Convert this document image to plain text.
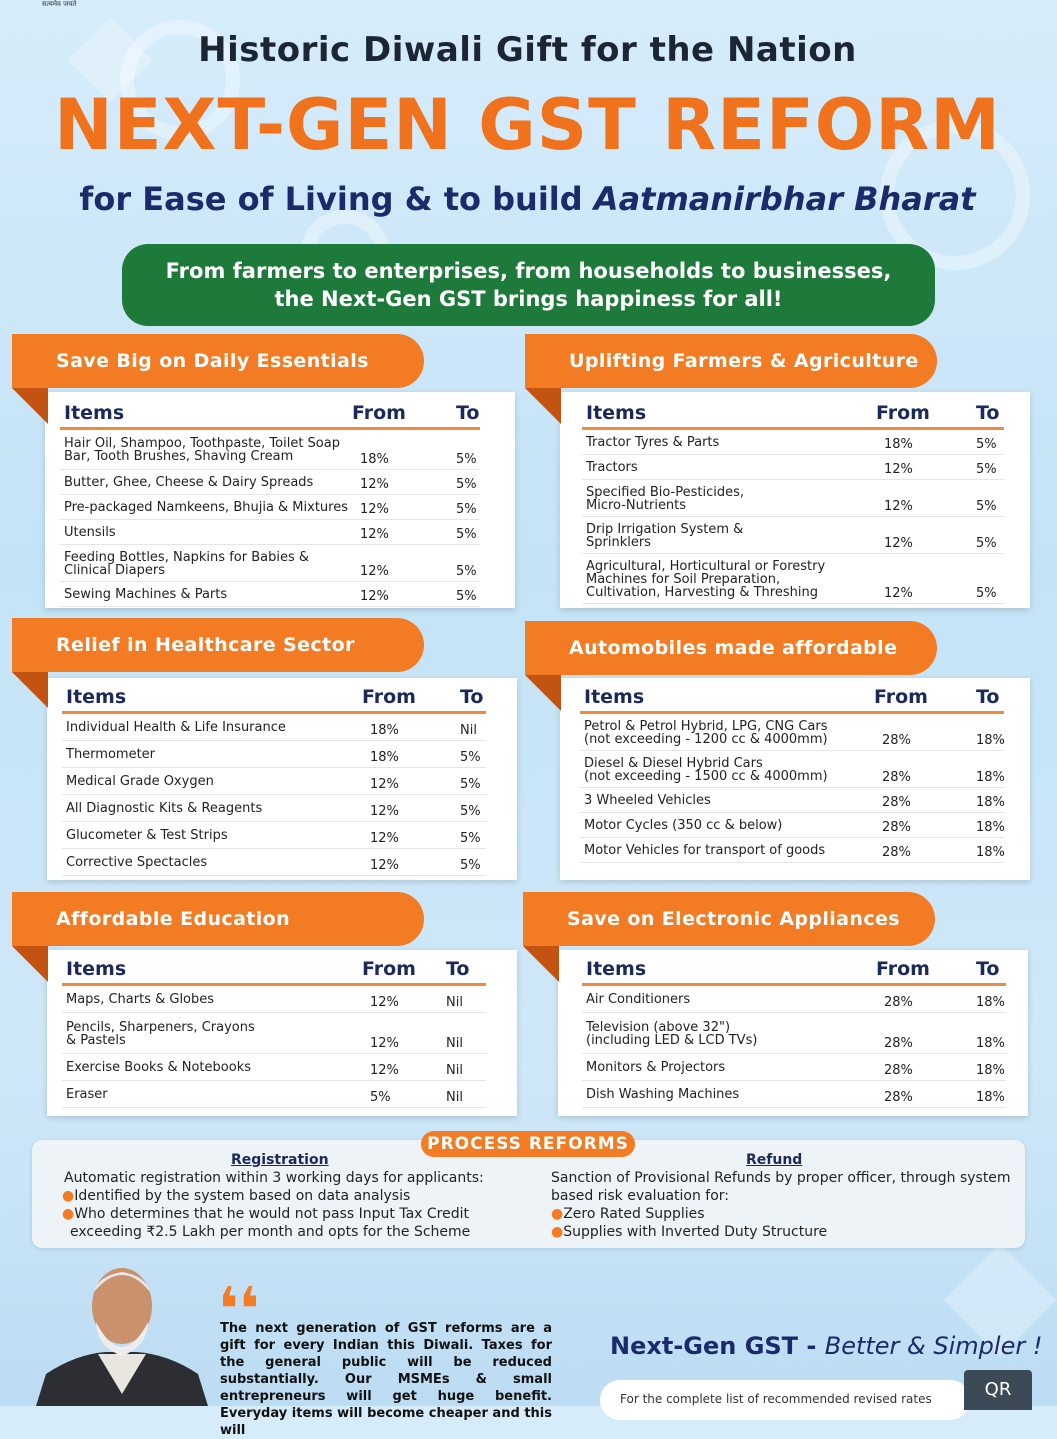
सत्यमेव जयते
Historic Diwali Gift for the Nation
NEXT-GEN GST REFORM
for Ease of Living & to build Aatmanirbhar Bharat
From farmers to enterprises, from households to businesses,
the Next-Gen GST brings happiness for all!
Save Big on Daily Essentials
Items	From	To
Hair Oil, Shampoo, Toothpaste, Toilet Soap
Bar, Tooth Brushes, Shaving Cream	18%	5%
Butter, Ghee, Cheese & Dairy Spreads	12%	5%
Pre-packaged Namkeens, Bhujia & Mixtures 12%	5%
Utensils	12%	5%
Feeding Bottles, Napkins for Babies &
Clinical Diapers	12%	5%
Sewing Machines & Parts	12%	5%
Uplifting Farmers & Agriculture
Items	From To
Tractor Tyres & Parts	18%	5%
Tractors	12%	5%
Specified Bio-Pesticides,
Micro-Nutrients	12%	5%
Drip Irrigation System &
Sprinklers	12%	5%
Agricultural, Horticultural or Forestry
Machines for Soil Preparation,
Cultivation, Harvesting & Threshing	12%	5%
Relief in Healthcare Sector
Items	From To
Individual Health & Life Insurance	18%	Nil
Thermometer	18%	5%
Medical Grade Oxygen	12%	5%
All Diagnostic Kits & Reagents	12%	5%
Glucometer & Test Strips	12%	5%
Corrective Spectacles	12%	5%
Automobiles made affordable
Items	From	To
Petrol & Petrol Hybrid, LPG, CNG Cars
(not exceeding - 1200 cc & 4000mm)	28%	18%
Diesel & Diesel Hybrid Cars
(not exceeding - 1500 cc & 4000mm)	28%	18%
3 Wheeled Vehicles	28%	18%
Motor Cycles (350 cc & below)	28%	18%
Motor Vehicles for transport of goods	28%	18%
Affordable Education
Items	From To
Maps, Charts & Globes	12%	Nil
Pencils, Sharpeners, Crayons
& Pastels	12%	Nil
Exercise Books & Notebooks	12%	Nil
Eraser	5%	Nil
Save on Electronic Appliances
Items	From To
Air Conditioners	28%	18%
Television (above 32")
(including LED & LCD TVs)	28%	18%
Monitors & Projectors	28%	18%
Dish Washing Machines	28%	18%
PROCESS REFORMS
Registration
Automatic registration within 3 working days for applicants:
●Identified by the system based on data analysis
●Who determines that he would not pass Input Tax Credit
exceeding ₹2.5 Lakh per month and opts for the Scheme
Refund
Sanction of Provisional Refunds by proper officer, through system
based risk evaluation for:
●Zero Rated Supplies
●Supplies with Inverted Duty Structure
❛❛
The next generation of GST reforms are a gift for every Indian this Diwali. Taxes for the general public will be reduced substantially. Our MSMEs & small entrepreneurs will get huge benefit. Everyday items will become cheaper and this will
Next-Gen GST - Better & Simpler !
For the complete list of recommended revised rates	QR
